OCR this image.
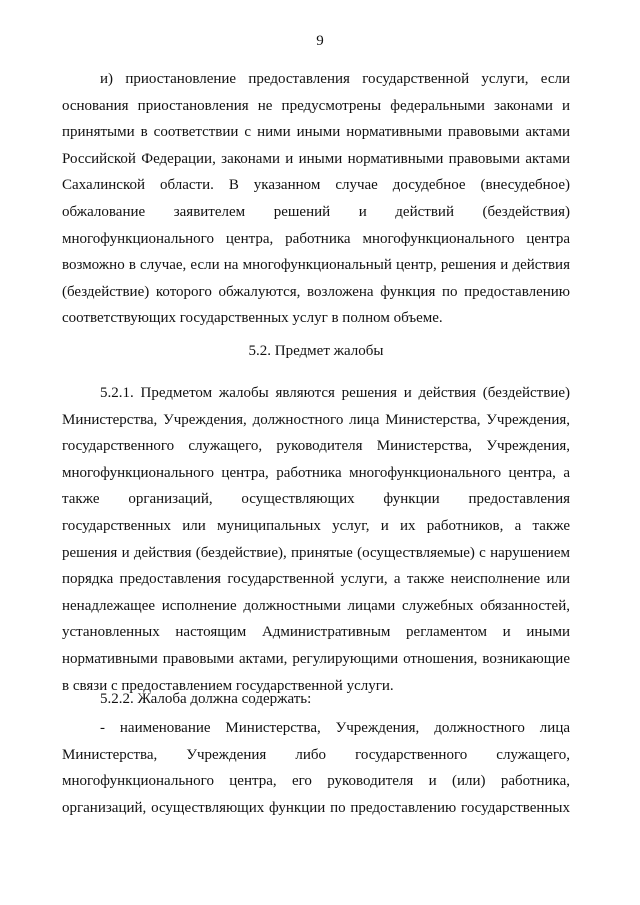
9
и) приостановление предоставления государственной услуги, если
основания приостановления не предусмотрены федеральными законами и
принятыми в соответствии с ними иными нормативными правовыми актами
Российской Федерации, законами и иными нормативными правовыми актами
Сахалинской области. В указанном случае досудебное (внесудебное)
обжалование заявителем решений и действий (бездействия)
многофункционального центра, работника многофункционального центра
возможно в случае, если на многофункциональный центр, решения и действия
(бездействие) которого обжалуются, возложена функция по предоставлению
соответствующих государственных услуг в полном объеме.
5.2. Предмет жалобы
5.2.1. Предметом жалобы являются решения и действия (бездействие)
Министерства, Учреждения, должностного лица Министерства, Учреждения,
государственного служащего, руководителя Министерства, Учреждения,
многофункционального центра, работника многофункционального центра, а
также организаций, осуществляющих функции предоставления
государственных или муниципальных услуг, и их работников, а также
решения и действия (бездействие), принятые (осуществляемые) с нарушением
порядка предоставления государственной услуги, а также неисполнение или
ненадлежащее исполнение должностными лицами служебных обязанностей,
установленных настоящим Административным регламентом и иными
нормативными правовыми актами, регулирующими отношения, возникающие
в связи с предоставлением государственной услуги.
5.2.2. Жалоба должна содержать:
- наименование Министерства, Учреждения, должностного лица
Министерства, Учреждения либо государственного служащего,
многофункционального центра, его руководителя и (или) работника,
организаций, осуществляющих функции по предоставлению государственных
